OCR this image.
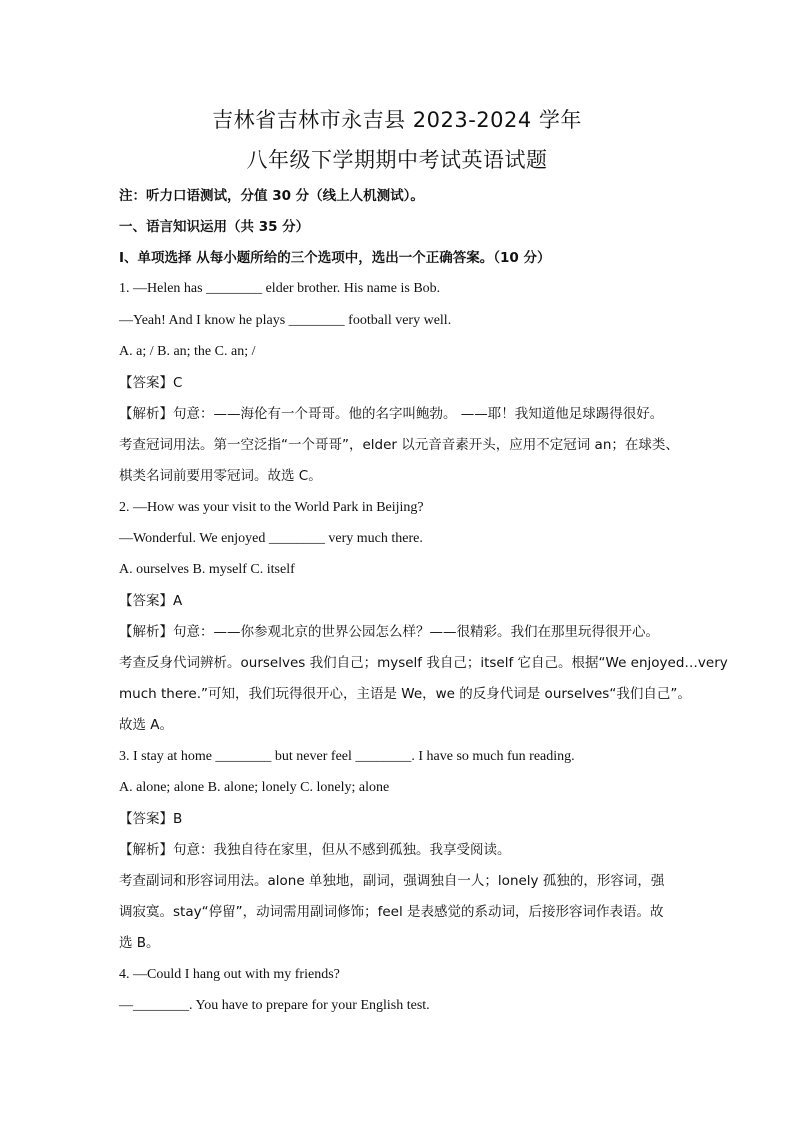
吉林省吉林市永吉县 2023-2024 学年
八年级下学期期中考试英语试题
注：听力口语测试，分值 30 分（线上人机测试）。
一、语言知识运用（共 35 分）
Ⅰ、单项选择 从每小题所给的三个选项中，选出一个正确答案。（10 分）
1. —Helen has ________ elder brother. His name is Bob.
—Yeah! And I know he plays ________ football very well.
A. a; / B. an; the C. an; /
【答案】C
【解析】句意：——海伦有一个哥哥。他的名字叫鲍勃。 ——耶！我知道他足球踢得很好。
考查冠词用法。第一空泛指“一个哥哥”，elder 以元音音素开头，应用不定冠词 an；在球类、
棋类名词前要用零冠词。故选 C。
2. —How was your visit to the World Park in Beijing?
—Wonderful. We enjoyed ________ very much there.
A. ourselves B. myself C. itself
【答案】A
【解析】句意：——你参观北京的世界公园怎么样？——很精彩。我们在那里玩得很开心。
考查反身代词辨析。ourselves 我们自己；myself 我自己；itself 它自己。根据“We enjoyed…very
much there.”可知，我们玩得很开心，主语是 We，we 的反身代词是 ourselves“我们自己”。
故选 A。
3. I stay at home ________ but never feel ________. I have so much fun reading.
A. alone; alone B. alone; lonely C. lonely; alone
【答案】B
【解析】句意：我独自待在家里，但从不感到孤独。我享受阅读。
考查副词和形容词用法。alone 单独地，副词，强调独自一人；lonely 孤独的，形容词，强
调寂寞。stay“停留”，动词需用副词修饰；feel 是表感觉的系动词，后接形容词作表语。故
选 B。
4. —Could I hang out with my friends?
—________. You have to prepare for your English test.
